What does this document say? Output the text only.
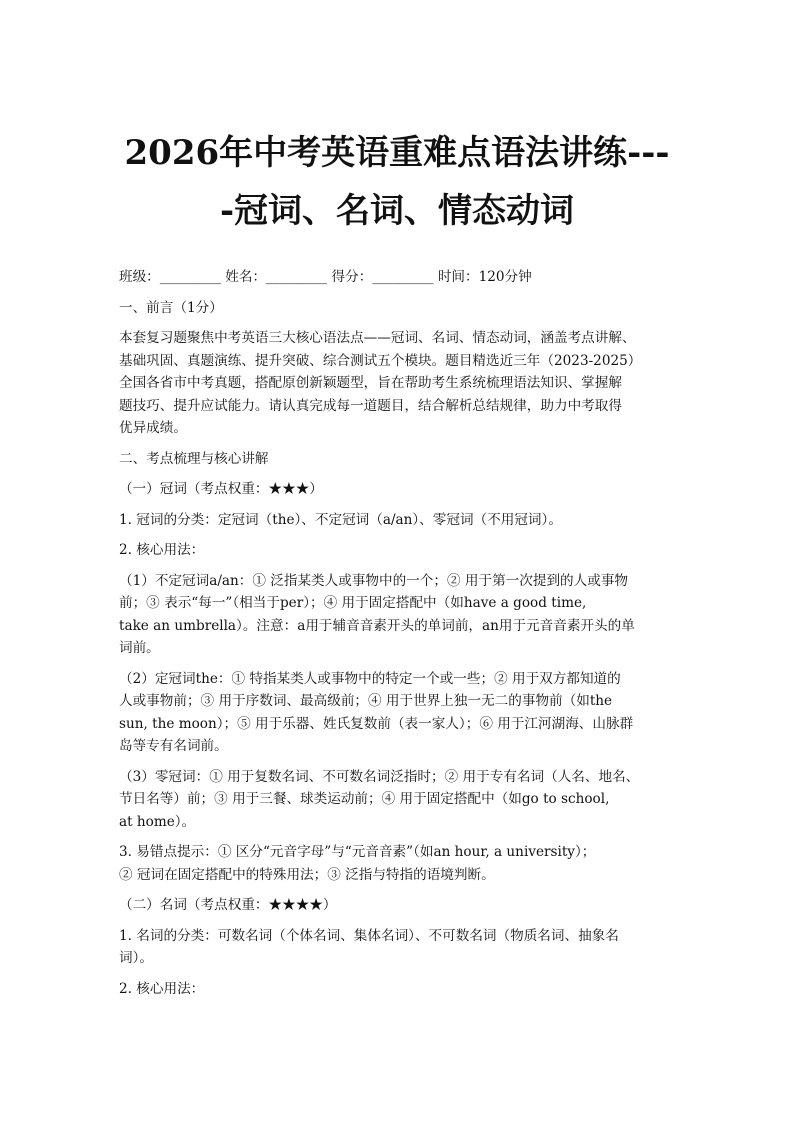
2026年中考英语重难点语法讲练---
-冠词、名词、情态动词
班级：_________ 姓名：_________ 得分：_________ 时间：120分钟
一、前言（1分）
本套复习题聚焦中考英语三大核心语法点——冠词、名词、情态动词，涵盖考点讲解、
基础巩固、真题演练、提升突破、综合测试五个模块。题目精选近三年（2023-2025）
全国各省市中考真题，搭配原创新颖题型，旨在帮助考生系统梳理语法知识、掌握解
题技巧、提升应试能力。请认真完成每一道题目，结合解析总结规律，助力中考取得
优异成绩。
二、考点梳理与核心讲解
（一）冠词（考点权重：★★★）
1. 冠词的分类：定冠词（the）、不定冠词（a/an）、零冠词（不用冠词）。
2. 核心用法：
（1）不定冠词a/an：① 泛指某类人或事物中的一个；② 用于第一次提到的人或事物
前；③ 表示“每一”（相当于per）；④ 用于固定搭配中（如have a good time,
take an umbrella）。注意：a用于辅音音素开头的单词前，an用于元音音素开头的单
词前。
（2）定冠词the：① 特指某类人或事物中的特定一个或一些；② 用于双方都知道的
人或事物前；③ 用于序数词、最高级前；④ 用于世界上独一无二的事物前（如the
sun, the moon）；⑤ 用于乐器、姓氏复数前（表一家人）；⑥ 用于江河湖海、山脉群
岛等专有名词前。
（3）零冠词：① 用于复数名词、不可数名词泛指时；② 用于专有名词（人名、地名、
节日名等）前；③ 用于三餐、球类运动前；④ 用于固定搭配中（如go to school,
at home）。
3. 易错点提示：① 区分“元音字母”与“元音音素”（如an hour, a university）；
② 冠词在固定搭配中的特殊用法；③ 泛指与特指的语境判断。
（二）名词（考点权重：★★★★）
1. 名词的分类：可数名词（个体名词、集体名词）、不可数名词（物质名词、抽象名
词）。
2. 核心用法：
